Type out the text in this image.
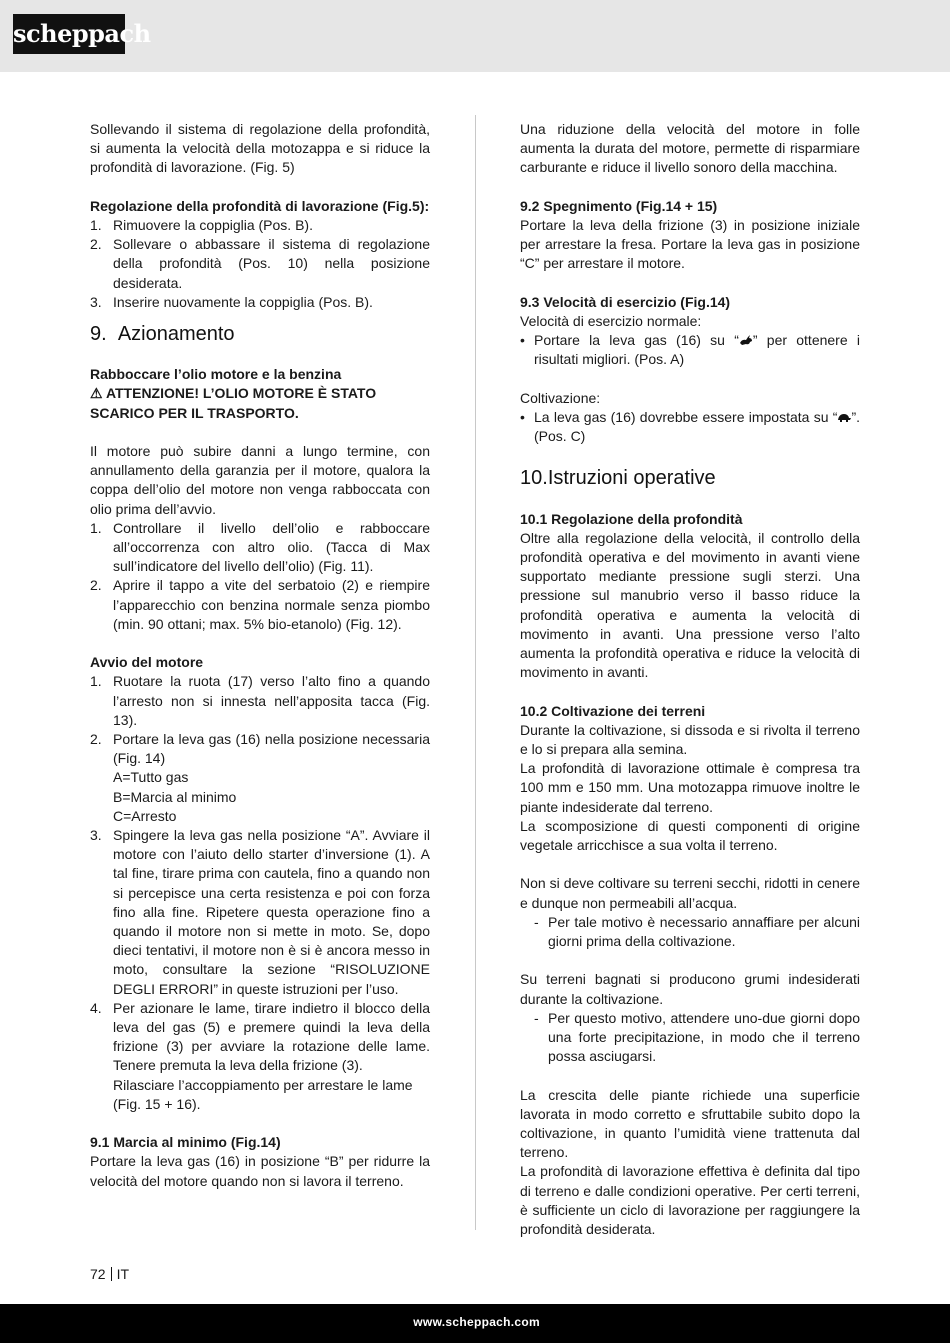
scheppach

Sollevando il sistema di regolazione della profondità, si aumenta la velocità della motozappa e si riduce la profondità di lavorazione. (Fig. 5)

Regolazione della profondità di lavorazione (Fig.5):

1. Rimuovere la coppiglia (Pos. B).
2. Sollevare o abbassare il sistema di regolazione della profondità (Pos. 10) nella posizione desiderata.
3. Inserire nuovamente la coppiglia (Pos. B).
9. Azionamento

Rabboccare l’olio motore e la benzina

⚠ ATTENZIONE! L’OLIO MOTORE È STATO SCARICO PER IL TRASPORTO.

Il motore può subire danni a lungo termine, con annullamento della garanzia per il motore, qualora la coppa dell’olio del motore non venga rabboccata con olio prima dell’avvio.

1. Controllare il livello dell’olio e rabboccare all’occorrenza con altro olio. (Tacca di Max sull’indicatore del livello dell’olio) (Fig. 11).
2. Aprire il tappo a vite del serbatoio (2) e riempire l’apparecchio con benzina normale senza piombo (min. 90 ottani; max. 5% bio-etanolo) (Fig. 12).

Avvio del motore

1. Ruotare la ruota (17) verso l’alto fino a quando l’arresto non si innesta nell’apposita tacca (Fig. 13).
2. Portare la leva gas (16) nella posizione necessaria (Fig. 14)
A=Tutto gas
B=Marcia al minimo
C=Arresto
3. Spingere la leva gas nella posizione “A”. Avviare il motore con l’aiuto dello starter d’inversione (1). A tal fine, tirare prima con cautela, fino a quando non si percepisce una certa resistenza e poi con forza fino alla fine. Ripetere questa operazione fino a quando il motore non si mette in moto. Se, dopo dieci tentativi, il motore non è si è ancora messo in moto, consultare la sezione “RISOLUZIONE DEGLI ERRORI” in queste istruzioni per l’uso.
4. Per azionare le lame, tirare indietro il blocco della leva del gas (5) e premere quindi la leva della frizione (3) per avviare la rotazione delle lame. Tenere premuta la leva della frizione (3).
Rilasciare l’accoppiamento per arrestare le lame (Fig. 15 + 16).

9.1 Marcia al minimo (Fig.14)

Portare la leva gas (16) in posizione “B” per ridurre la velocità del motore quando non si lavora il terreno.

Una riduzione della velocità del motore in folle aumenta la durata del motore, permette di risparmiare carburante e riduce il livello sonoro della macchina.

9.2 Spegnimento (Fig.14 + 15)

Portare la leva della frizione (3) in posizione iniziale per arrestare la fresa. Portare la leva gas in posizione “C” per arrestare il motore.

9.3 Velocità di esercizio (Fig.14)

Velocità di esercizio normale:

• Portare la leva gas (16) su “ ” per ottenere i risultati migliori. (Pos. A)

Coltivazione:

• La leva gas (16) dovrebbe essere impostata su “ ”. (Pos. C)
10.Istruzioni operative

10.1 Regolazione della profondità

Oltre alla regolazione della velocità, il controllo della profondità operativa e del movimento in avanti viene supportato mediante pressione sugli sterzi. Una pressione sul manubrio verso il basso riduce la profondità operativa e aumenta la velocità di movimento in avanti. Una pressione verso l’alto aumenta la profondità operativa e riduce la velocità di movimento in avanti.

10.2 Coltivazione dei terreni

Durante la coltivazione, si dissoda e si rivolta il terreno e lo si prepara alla semina.

La profondità di lavorazione ottimale è compresa tra 100 mm e 150 mm. Una motozappa rimuove inoltre le piante indesiderate dal terreno.

La scomposizione di questi componenti di origine vegetale arricchisce a sua volta il terreno.

Non si deve coltivare su terreni secchi, ridotti in cenere e dunque non permeabili all’acqua.

- Per tale motivo è necessario annaffiare per alcuni giorni prima della coltivazione.

Su terreni bagnati si producono grumi indesiderati durante la coltivazione.

- Per questo motivo, attendere uno-due giorni dopo una forte precipitazione, in modo che il terreno possa asciugarsi.

La crescita delle piante richiede una superficie lavorata in modo corretto e sfruttabile subito dopo la coltivazione, in quanto l’umidità viene trattenuta dal terreno.

La profondità di lavorazione effettiva è definita dal tipo di terreno e dalle condizioni operative. Per certi terreni, è sufficiente un ciclo di lavorazione per raggiungere la profondità desiderata.

72 IT
www.scheppach.com
